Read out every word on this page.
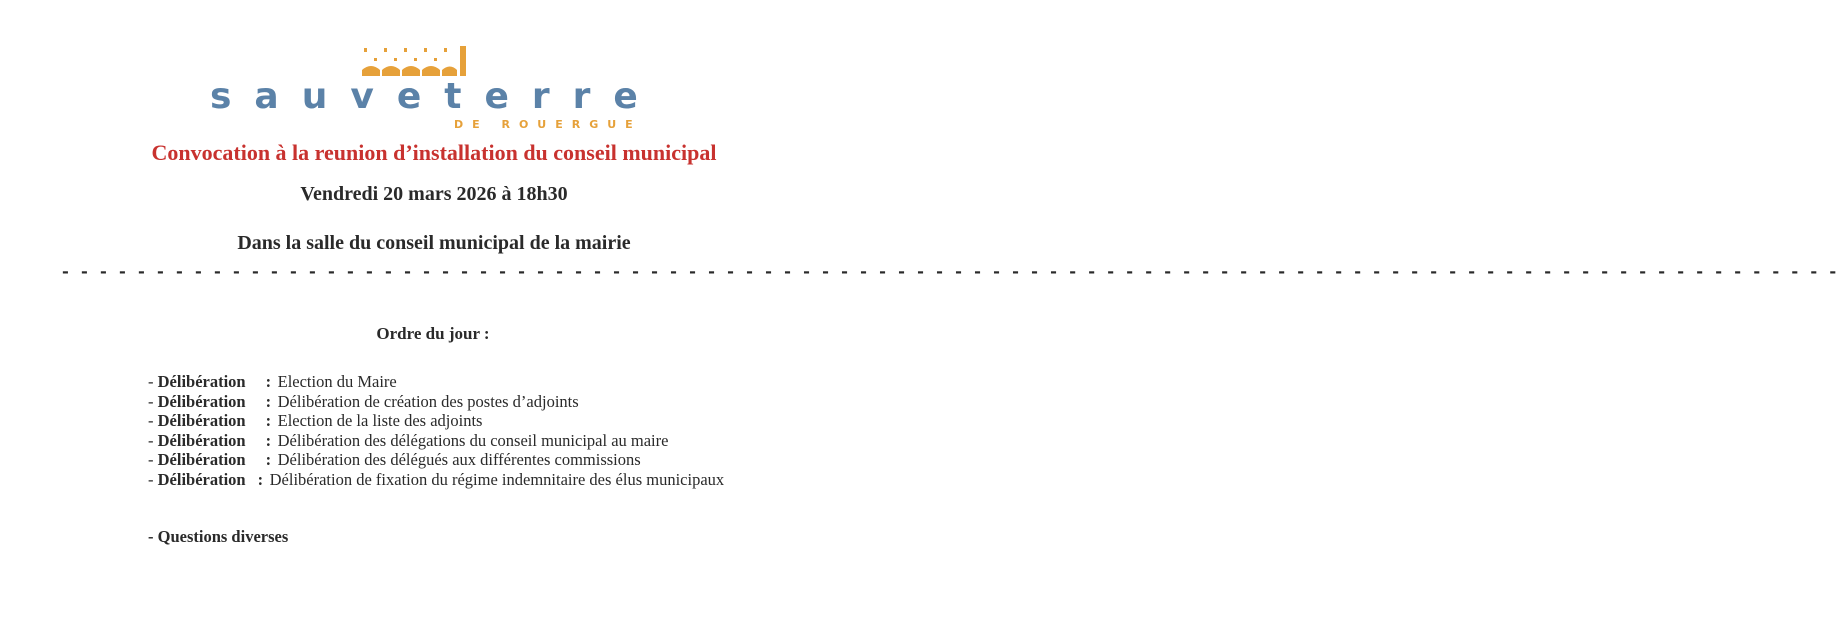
sauveterre
DE ROUERGUE
Convocation à la reunion d’installation du conseil municipal
Vendredi 20 mars 2026 à 18h30
Dans la salle du conseil municipal de la mairie
- - - - - - - - - - - - - - - - - - - - - - - - - - - - - - - - - - - - - - - - - - - - - - - - - - - - - - - - - - - - - - - - - - - - - - - - - - - - - - - - - - - - - - - - - - - - - -
Ordre du jour :
- Délibération :Election du Maire
- Délibération :Délibération de création des postes d’adjoints
- Délibération :Election de la liste des adjoints
- Délibération :Délibération des délégations du conseil municipal au maire
- Délibération :Délibération des délégués aux différentes commissions
- Délibération :Délibération de fixation du régime indemnitaire des élus municipaux
- Questions diverses
